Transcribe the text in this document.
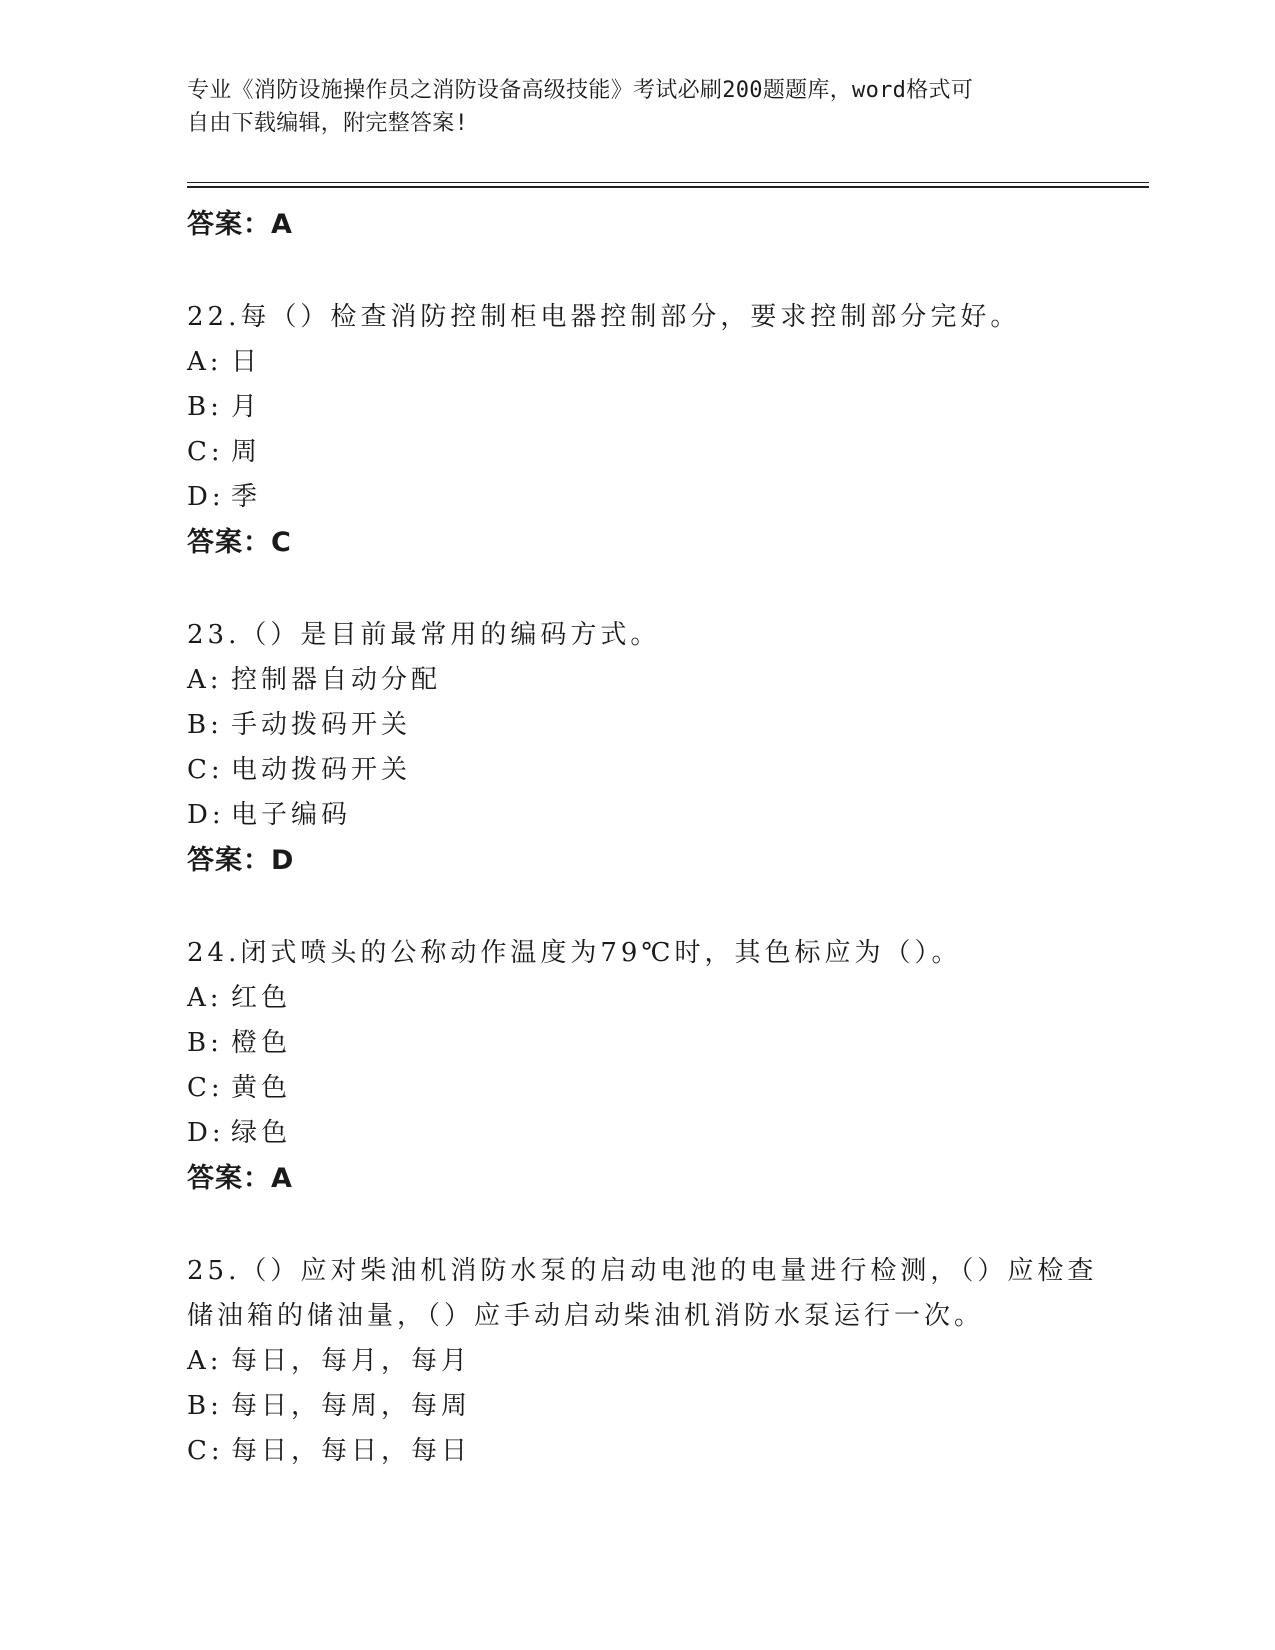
专业《消防设施操作员之消防设备高级技能》考试必刷200题题库，word格式可
自由下载编辑，附完整答案!

答案：A

22.每（）检查消防控制柜电器控制部分，要求控制部分完好。

A: 日

B: 月

C: 周

D: 季

答案：C

23.（）是目前最常用的编码方式。

A: 控制器自动分配

B: 手动拨码开关

C: 电动拨码开关

D: 电子编码

答案：D

24.闭式喷头的公称动作温度为79℃时，其色标应为（）。

A: 红色

B: 橙色

C: 黄色

D: 绿色

答案：A

25.（）应对柴油机消防水泵的启动电池的电量进行检测，（）应检查
储油箱的储油量，（）应手动启动柴油机消防水泵运行一次。

A: 每日，每月，每月

B: 每日，每周，每周

C: 每日，每日，每日
